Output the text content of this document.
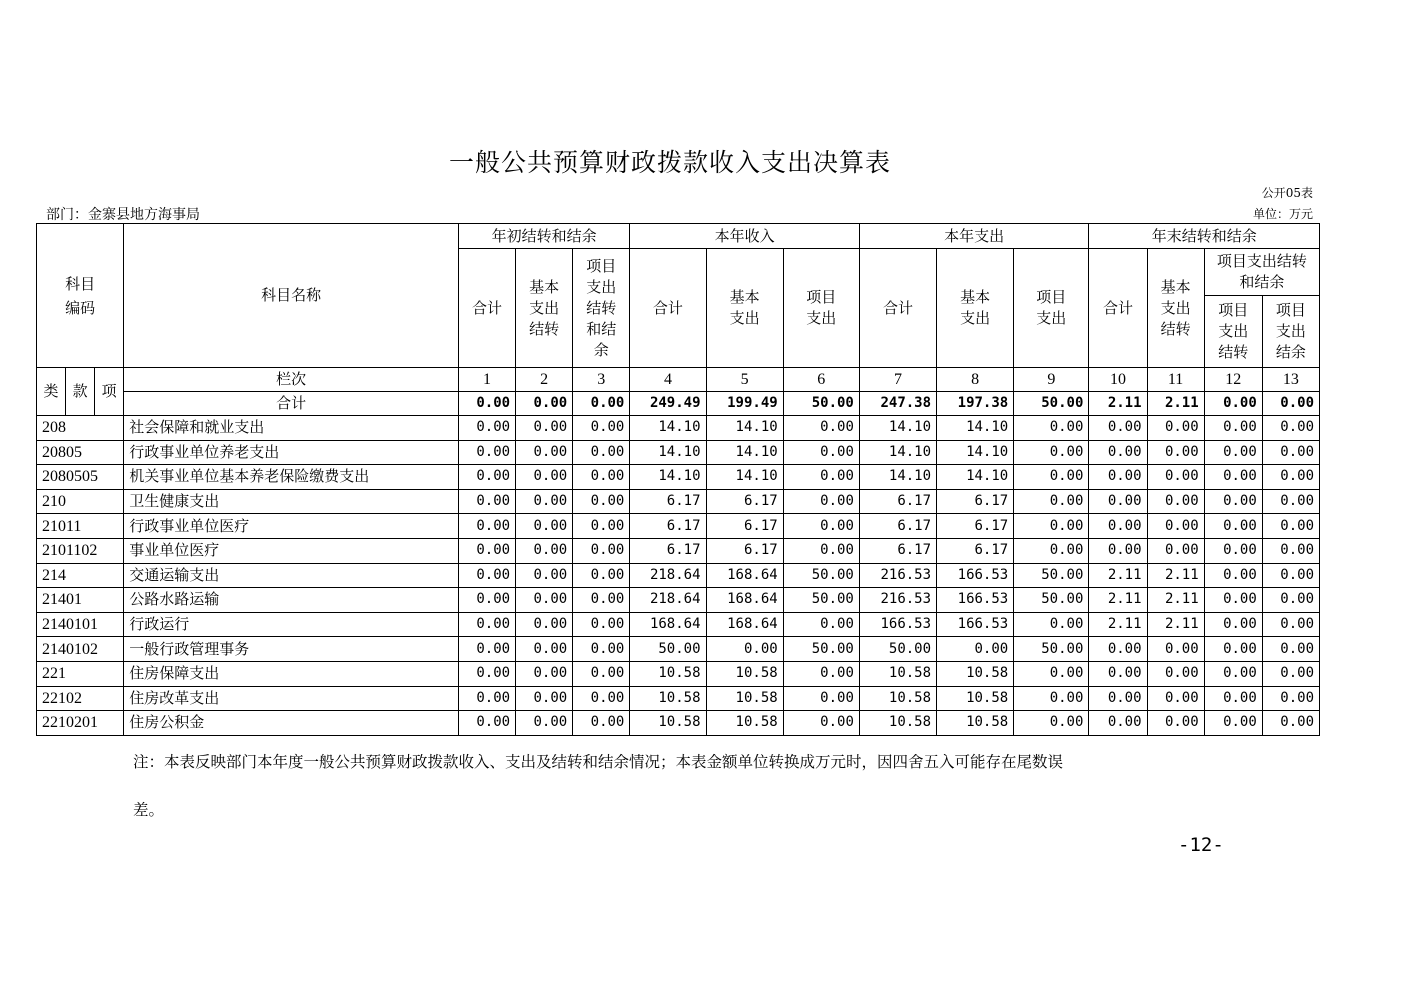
一般公共预算财政拨款收入支出决算表
公开05表
部门：金寨县地方海事局	单位：万元
科目编码			科目名称	年初结转和结余			本年收入			本年支出			年末结转和结余			
				合计	基本支出结转	项目支出结转和结余	合计	基本支出	项目支出	合计	基本支出	项目支出	合计	基本支出结转	项目支出结转和结余	
															项目支出结转	项目支出结余
类	款	项	栏次	1	2	3	4	5	6	7	8	9	10	11	12	13
			合计	0.00	0.00	0.00	249.49	199.49	50.00	247.38	197.38	50.00	2.11	2.11	0.00	0.00
208			社会保障和就业支出	0.00	0.00	0.00	14.10	14.10	0.00	14.10	14.10	0.00	0.00	0.00	0.00	0.00
20805			行政事业单位养老支出	0.00	0.00	0.00	14.10	14.10	0.00	14.10	14.10	0.00	0.00	0.00	0.00	0.00
2080505			机关事业单位基本养老保险缴费支出	0.00	0.00	0.00	14.10	14.10	0.00	14.10	14.10	0.00	0.00	0.00	0.00	0.00
210			卫生健康支出	0.00	0.00	0.00	6.17	6.17	0.00	6.17	6.17	0.00	0.00	0.00	0.00	0.00
21011			行政事业单位医疗	0.00	0.00	0.00	6.17	6.17	0.00	6.17	6.17	0.00	0.00	0.00	0.00	0.00
2101102			事业单位医疗	0.00	0.00	0.00	6.17	6.17	0.00	6.17	6.17	0.00	0.00	0.00	0.00	0.00
214			交通运输支出	0.00	0.00	0.00	218.64	168.64	50.00	216.53	166.53	50.00	2.11	2.11	0.00	0.00
21401			公路水路运输	0.00	0.00	0.00	218.64	168.64	50.00	216.53	166.53	50.00	2.11	2.11	0.00	0.00
2140101			行政运行	0.00	0.00	0.00	168.64	168.64	0.00	166.53	166.53	0.00	2.11	2.11	0.00	0.00
2140102			一般行政管理事务	0.00	0.00	0.00	50.00	0.00	50.00	50.00	0.00	50.00	0.00	0.00	0.00	0.00
221			住房保障支出	0.00	0.00	0.00	10.58	10.58	0.00	10.58	10.58	0.00	0.00	0.00	0.00	0.00
22102			住房改革支出	0.00	0.00	0.00	10.58	10.58	0.00	10.58	10.58	0.00	0.00	0.00	0.00	0.00
2210201			住房公积金	0.00	0.00	0.00	10.58	10.58	0.00	10.58	10.58	0.00	0.00	0.00	0.00	0.00
注：本表反映部门本年度一般公共预算财政拨款收入、支出及结转和结余情况；本表金额单位转换成万元时，因四舍五入可能存在尾数误
差。
-12-
